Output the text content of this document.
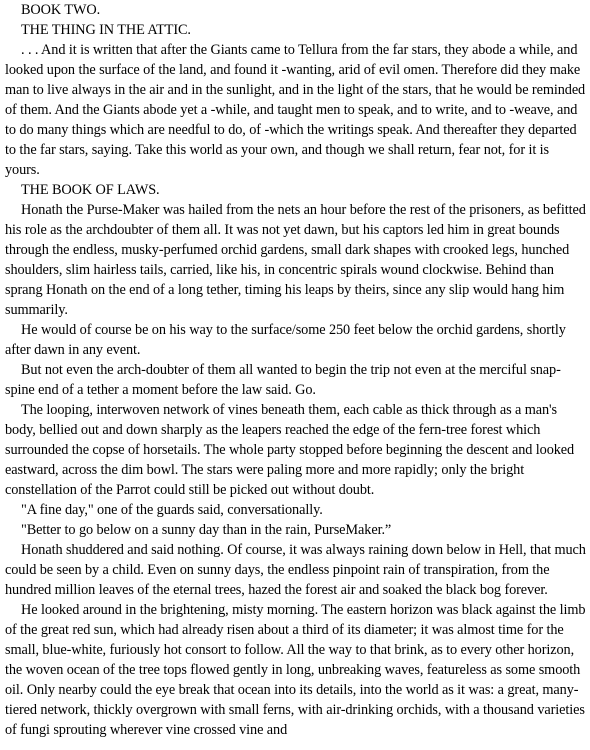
BOOK TWO.

THE THING IN THE ATTIC.

. . . And it is written that after the Giants came to Tellura from the far stars, they abode a while, and looked upon the surface of the land, and found it -wanting, arid of evil omen. Therefore did they make man to live always in the air and in the sunlight, and in the light of the stars, that he would be reminded of them. And the Giants abode yet a -while, and taught men to speak, and to write, and to -weave, and to do many things which are needful to do, of -which the writings speak. And thereafter they departed to the far stars, saying. Take this world as your own, and though we shall return, fear not, for it is yours.

THE BOOK OF LAWS.

Honath the Purse-Maker was hailed from the nets an hour before the rest of the prisoners, as befitted his role as the archdoubter of them all. It was not yet dawn, but his captors led him in great bounds through the endless, musky-perfumed orchid gardens, small dark shapes with crooked legs, hunched shoulders, slim hairless tails, carried, like his, in concentric spirals wound clockwise. Behind than sprang Honath on the end of a long tether, timing his leaps by theirs, since any slip would hang him summarily.

He would of course be on his way to the surface/some 250 feet below the orchid gardens, shortly after dawn in any event.

But not even the arch-doubter of them all wanted to begin the trip not even at the merciful snap-spine end of a tether a moment before the law said. Go.

The looping, interwoven network of vines beneath them, each cable as thick through as a man's body, bellied out and down sharply as the leapers reached the edge of the fern-tree forest which surrounded the copse of horsetails. The whole party stopped before beginning the descent and looked eastward, across the dim bowl. The stars were paling more and more rapidly; only the bright constellation of the Parrot could still be picked out without doubt.

"A fine day," one of the guards said, conversationally.

"Better to go below on a sunny day than in the rain, PurseMaker.”

Honath shuddered and said nothing. Of course, it was always raining down below in Hell, that much could be seen by a child. Even on sunny days, the endless pinpoint rain of transpiration, from the hundred million leaves of the eternal trees, hazed the forest air and soaked the black bog forever.

He looked around in the brightening, misty morning. The eastern horizon was black against the limb of the great red sun, which had already risen about a third of its diameter; it was almost time for the small, blue-white, furiously hot consort to follow. All the way to that brink, as to every other horizon, the woven ocean of the tree tops flowed gently in long, unbreaking waves, featureless as some smooth oil. Only nearby could the eye break that ocean into its details, into the world as it was: a great, many-tiered network, thickly overgrown with small ferns, with air-drinking orchids, with a thousand varieties of fungi sprouting wherever vine crossed vine and
